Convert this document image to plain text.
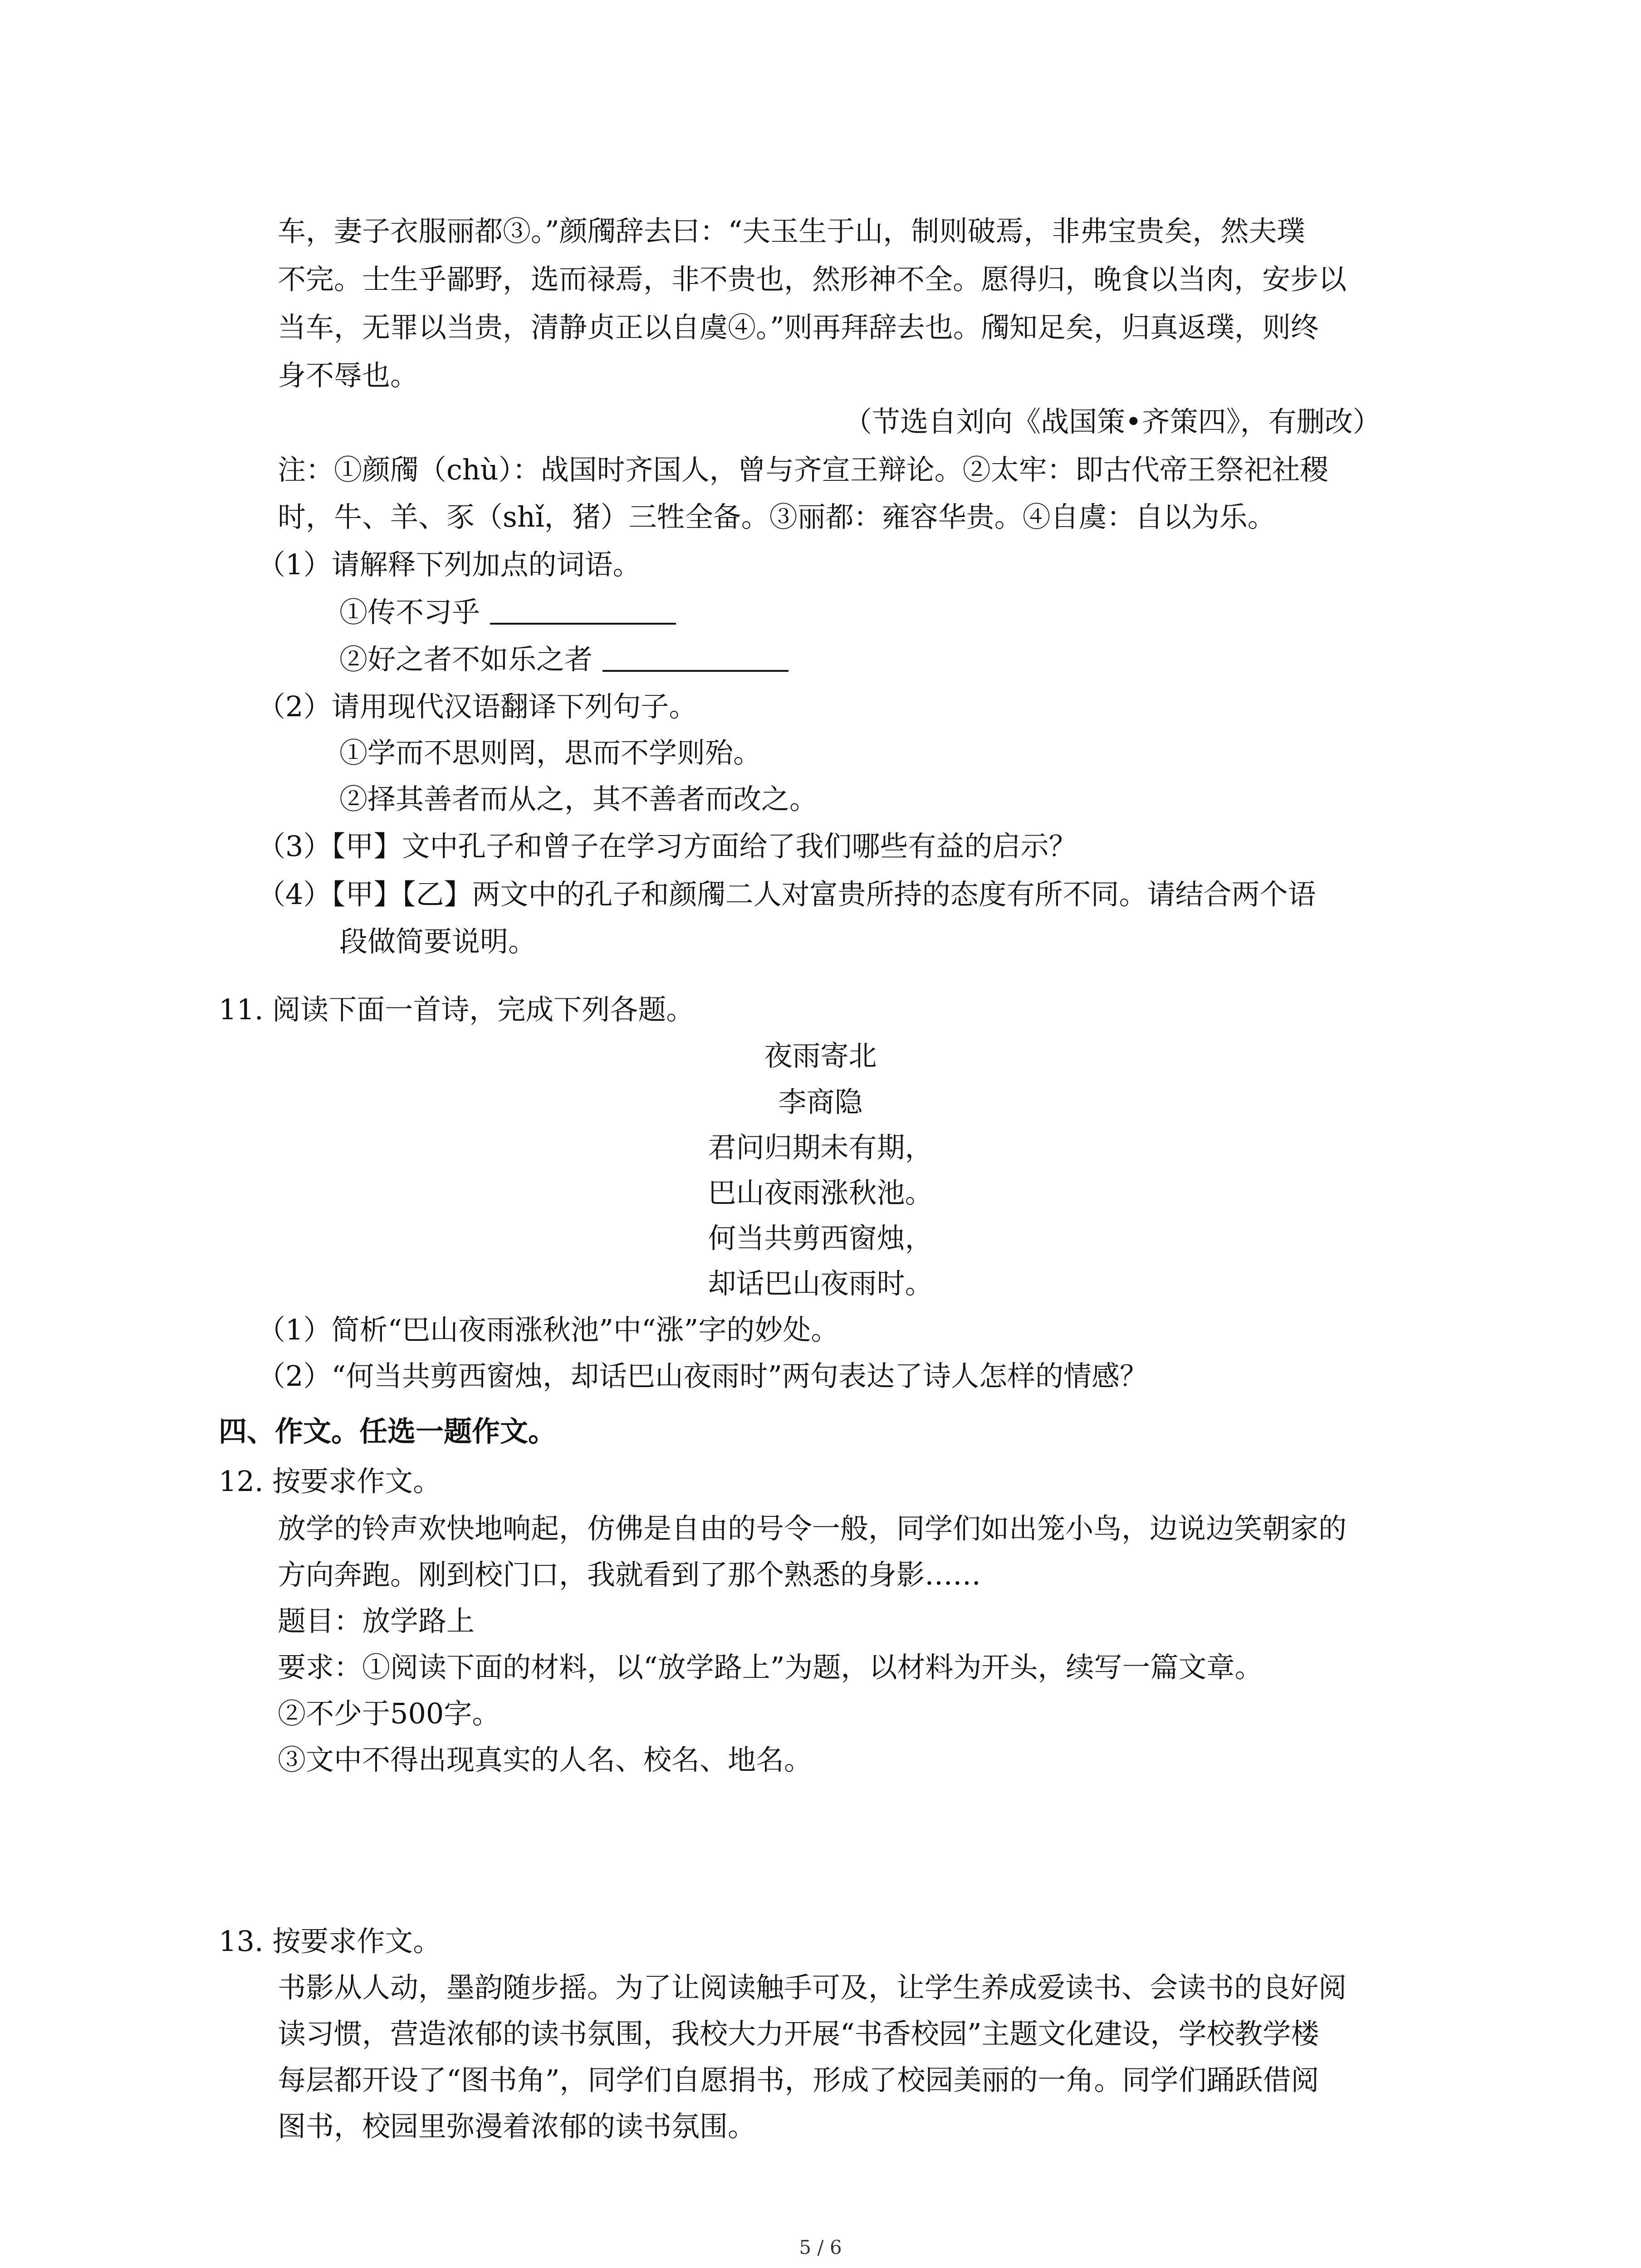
车，妻子衣服丽都③。”颜斶辞去曰：“夫玉生于山，制则破焉，非弗宝贵矣，然夫璞
不完。士生乎鄙野，选而禄焉，非不贵也，然形神不全。愿得归，晚食以当肉，安步以
当车，无罪以当贵，清静贞正以自虞④。”则再拜辞去也。斶知足矣，归真返璞，则终
身不辱也。
（节选自刘向《战国策•齐策四》，有删改）
注：①颜斶（chù）：战国时齐国人，曾与齐宣王辩论。②太牢：即古代帝王祭祀社稷
时，牛、羊、豕（shǐ，猪）三牲全备。③丽都：雍容华贵。④自虞：自以为乐。
（1）请解释下列加点的词语。
①传不习乎
②好之者不如乐之者
（2）请用现代汉语翻译下列句子。
①学而不思则罔，思而不学则殆。
②择其善者而从之，其不善者而改之。
（3）【甲】文中孔子和曾子在学习方面给了我们哪些有益的启示？
（4）【甲】【乙】两文中的孔子和颜斶二人对富贵所持的态度有所不同。请结合两个语
段做简要说明。
11. 阅读下面一首诗，完成下列各题。
夜雨寄北
李商隐
君问归期未有期，
巴山夜雨涨秋池。
何当共剪西窗烛，
却话巴山夜雨时。
（1）简析“巴山夜雨涨秋池”中“涨”字的妙处。
（2）“何当共剪西窗烛，却话巴山夜雨时”两句表达了诗人怎样的情感？
四、作文。任选一题作文。
12. 按要求作文。
放学的铃声欢快地响起，仿佛是自由的号令一般，同学们如出笼小鸟，边说边笑朝家的
方向奔跑。刚到校门口，我就看到了那个熟悉的身影……
题目：放学路上
要求：①阅读下面的材料，以“放学路上”为题，以材料为开头，续写一篇文章。
②不少于500字。
③文中不得出现真实的人名、校名、地名。
13. 按要求作文。
书影从人动，墨韵随步摇。为了让阅读触手可及，让学生养成爱读书、会读书的良好阅
读习惯，营造浓郁的读书氛围，我校大力开展“书香校园”主题文化建设，学校教学楼
每层都开设了“图书角”，同学们自愿捐书，形成了校园美丽的一角。同学们踊跃借阅
图书，校园里弥漫着浓郁的读书氛围。
5 / 6
